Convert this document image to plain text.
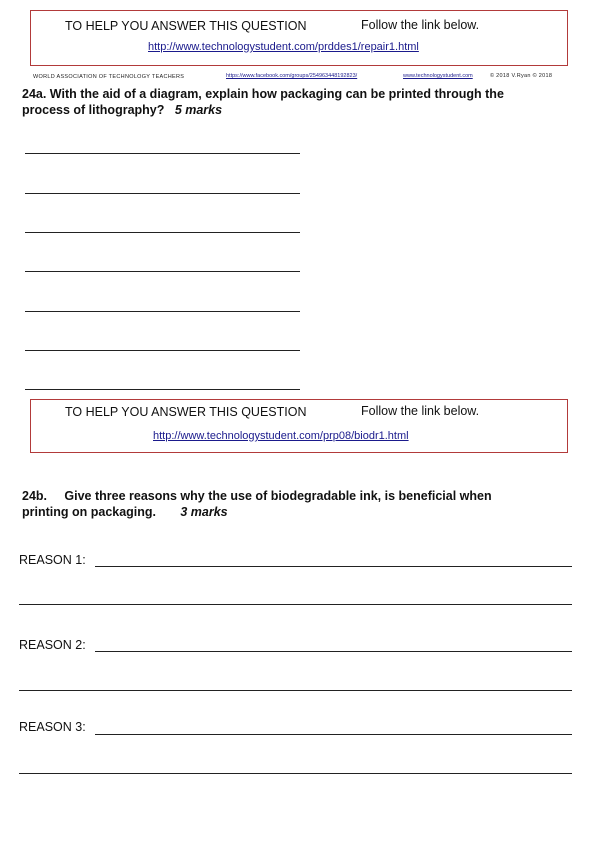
TO HELP YOU ANSWER THIS QUESTION	Follow the link below.
http://www.technologystudent.com/prddes1/repair1.html
WORLD ASSOCIATION OF TECHNOLOGY TEACHERS	https://www.facebook.com/groups/254963448192823/	www.technologystudent.com	© 2018 V.Ryan © 2018
24a. With the aid of a diagram, explain how packaging can be printed through the
process of lithography? 5 marks
TO HELP YOU ANSWER THIS QUESTION	Follow the link below.
http://www.technologystudent.com/prp08/biodr1.html
24b. Give three reasons why the use of biodegradable ink, is beneficial when
printing on packaging. 3 marks
REASON 1:
REASON 2:
REASON 3:
